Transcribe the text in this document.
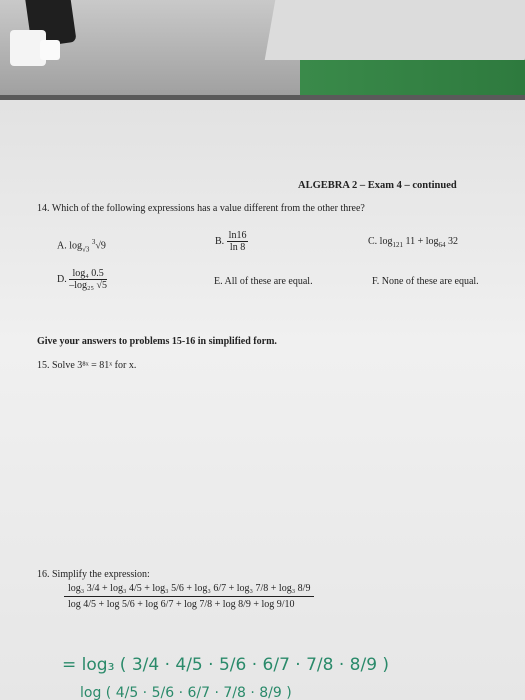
ALGEBRA 2 – Exam 4 – continued
14. Which of the following expressions has a value different from the other three?
A. $\log_{√3} ^3√9$	B. $\frac{\ln 16}{\ln 8}$	C. $\log_{121} 11 + \log_{64} 32$
D. $\frac{\text{log₄ 0.5}}{\text{–log₂₅ √5}}$	E. All of these are equal.	F. None of these are equal.
Give your answers to problems 15-16 in simplified form.
15. Solve 3⁸ˣ = 81ˣ for x.
16. Simplify the expression:
log₃ 3/4 + log₃ 4/5 + log₃ 5/6 + log₃ 6/7 + log₃ 7/8 + log₃ 8/9
log 4/5 + log 5/6 + log 6/7 + log 7/8 + log 8/9 + log 9/10
= log₃ ( 3/4 · 4/5 · 5/6 · 6/7 · 7/8 · 8/9 )
log ( 4/5 · 5/6 · 6/7 · 7/8 · 8/9 )
